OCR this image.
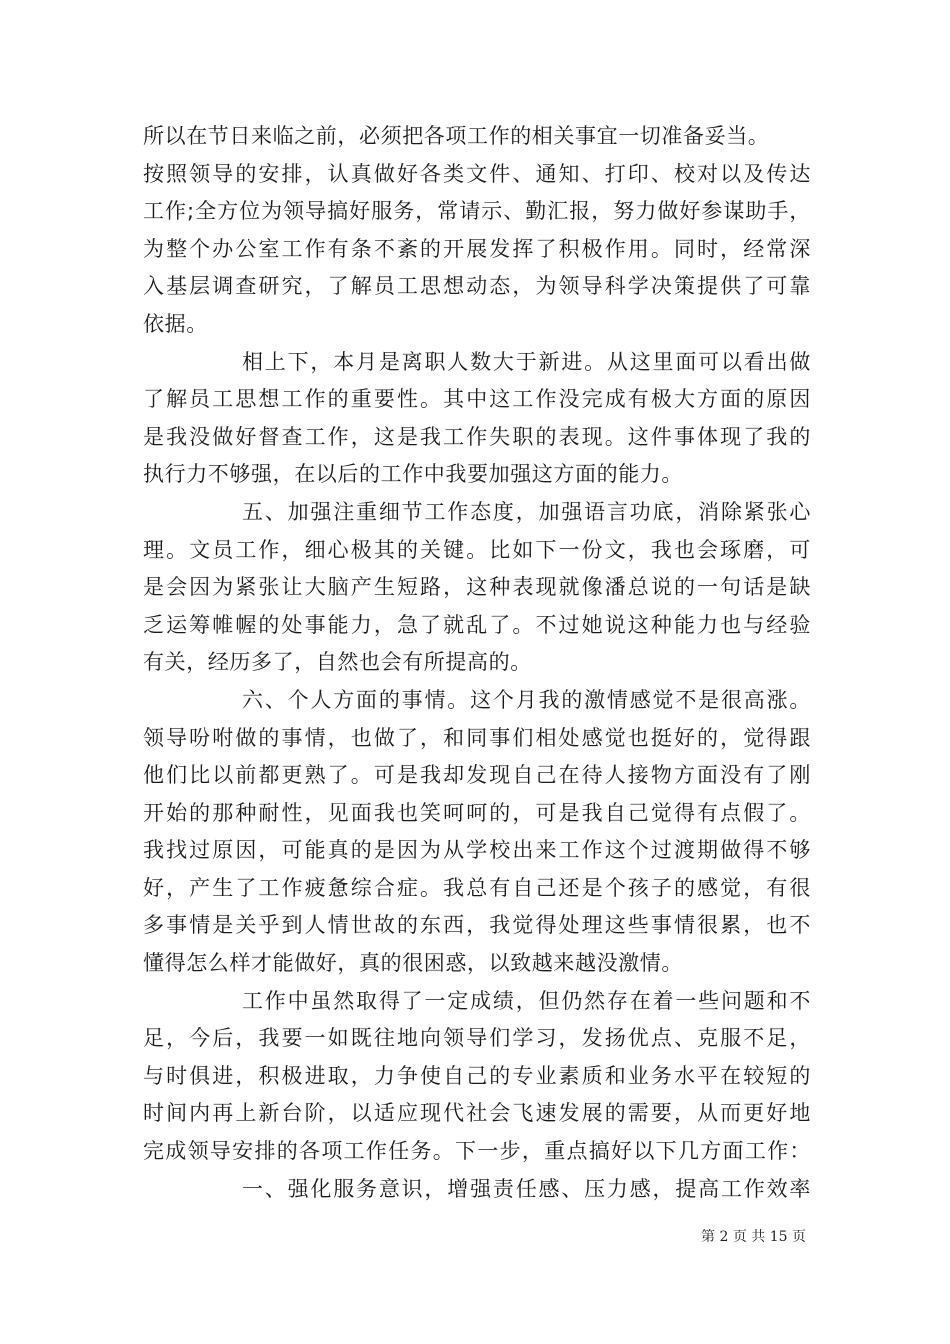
所以在节日来临之前，必须把各项工作的相关事宜一切准备妥当。
按照领导的安排，认真做好各类文件、通知、打印、校对以及传达
工作;全方位为领导搞好服务，常请示、勤汇报，努力做好参谋助手，
为整个办公室工作有条不紊的开展发挥了积极作用。同时，经常深
入基层调查研究，了解员工思想动态，为领导科学决策提供了可靠
依据。
相上下，本月是离职人数大于新进。从这里面可以看出做
了解员工思想工作的重要性。其中这工作没完成有极大方面的原因
是我没做好督查工作，这是我工作失职的表现。这件事体现了我的
执行力不够强，在以后的工作中我要加强这方面的能力。
五、加强注重细节工作态度，加强语言功底，消除紧张心
理。文员工作，细心极其的关键。比如下一份文，我也会琢磨，可
是会因为紧张让大脑产生短路，这种表现就像潘总说的一句话是缺
乏运筹帷幄的处事能力，急了就乱了。不过她说这种能力也与经验
有关，经历多了，自然也会有所提高的。
六、个人方面的事情。这个月我的激情感觉不是很高涨。
领导吩咐做的事情，也做了，和同事们相处感觉也挺好的，觉得跟
他们比以前都更熟了。可是我却发现自己在待人接物方面没有了刚
开始的那种耐性，见面我也笑呵呵的，可是我自己觉得有点假了。
我找过原因，可能真的是因为从学校出来工作这个过渡期做得不够
好，产生了工作疲惫综合症。我总有自己还是个孩子的感觉，有很
多事情是关乎到人情世故的东西，我觉得处理这些事情很累，也不
懂得怎么样才能做好，真的很困惑，以致越来越没激情。
工作中虽然取得了一定成绩，但仍然存在着一些问题和不
足，今后，我要一如既往地向领导们学习，发扬优点、克服不足，
与时俱进，积极进取，力争使自己的专业素质和业务水平在较短的
时间内再上新台阶，以适应现代社会飞速发展的需要，从而更好地
完成领导安排的各项工作任务。下一步，重点搞好以下几方面工作：
一、强化服务意识，增强责任感、压力感，提高工作效率
第 2 页 共 15 页
